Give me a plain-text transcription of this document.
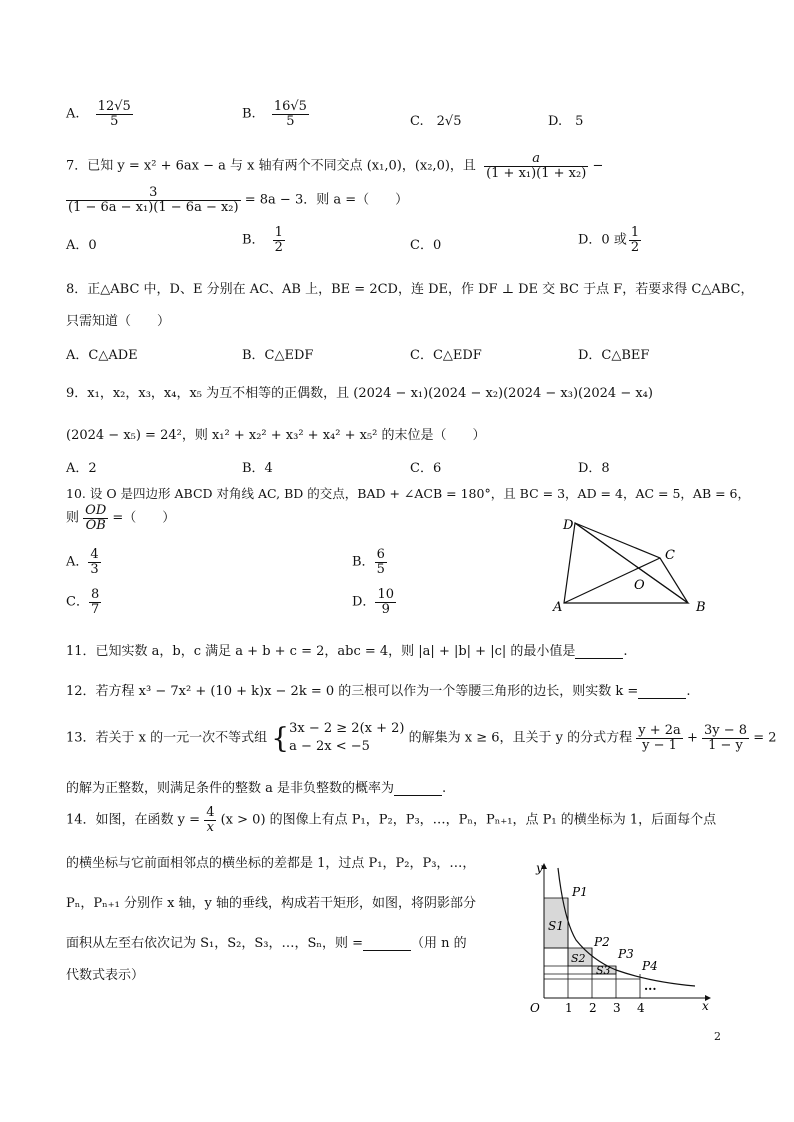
A. $\frac{12√5}{5}$	B. $\frac{16√5}{5}$	C.　 2√5	D.　 5
7．已知 y = x² + 6ax − a 与 x 轴有两个不同交点 (x₁,0)，(x₂,0)，且 $\frac{a}{\text{(1 + x₁)(1 + x₂)}}$ −
$\frac{3}{\text{(1 − 6a − x₁)(1 − 6a − x₂)}} = 8a - 3$．则 a =（　　）
A．0	B． $\frac{1}{2}$	C．0	D．0 或 $\frac{1}{2}$
8．正△ABC 中，D、E 分别在 AC、AB 上，BE = 2CD，连 DE，作 DF ⊥ DE 交 BC 于点 F，若要求得 C△ABC，
只需知道（　　）
A．C△ADE	B．C△EDF	C．C△EDF	D．C△BEF
9．x₁，x₂，x₃，x₄，x₅ 为互不相等的正偶数，且 (2024 − x₁)(2024 − x₂)(2024 − x₃)(2024 − x₄)
(2024 − x₅) = 24²，则 x₁² + x₂² + x₃² + x₄² + x₅² 的末位是（　　）
A．2	B．4	C．6	D．8
10. 设 O 是四边形 ABCD 对角线 AC, BD 的交点，BAD + ∠ACB = 180°，且 BC = 3，AD = 4，AC = 5，AB = 6，
则 $\frac{OD}{OB}$ =（　　）
A． $\frac{4}{3}$	B． $\frac{6}{5}$
C． $\frac{8}{7}$	D． $\frac{10}{9}$
D
C
O
A	B
11．已知实数 a，b，c 满足 a + b + c = 2，abc = 4，则 |a| + |b| + |c| 的最小值是	.
12．若方程 x³ − 7x² + (10 + k)x − 2k = 0 的三根可以作为一个等腰三角形的边长，则实数 k =	.
13．若关于 x 的一元一次不等式组 { 3x − 2 ≥ 2(x + 2)
a − 2x < −5
的解集为 x ≥ 6，且关于 y 的分式方程 $\frac{y + 2a}{y - 1} + \frac{3y - 8}{1 - y} = 2$
的解为正整数，则满足条件的整数 a 是非负整数的概率为	.
14．如图，在函数 $y = \frac{4}{x} (x > 0)$ 的图像上有点 P₁，P₂，P₃，…，Pₙ，Pₙ₊₁，点 P₁ 的横坐标为 1，后面每个点
的横坐标与它前面相邻点的横坐标的差都是 1，过点 P₁，P₂，P₃，…，
Pₙ，Pₙ₊₁ 分别作 x 轴，y 轴的垂线，构成若干矩形，如图，将阴影部分
面积从左至右依次记为 S₁，S₂，S₃，…，Sₙ，则 =	（用 n 的
代数式表示）
y
x
O 1 2 3 4
P1
P2
P3
P4
S1
S2
S3
...
2
